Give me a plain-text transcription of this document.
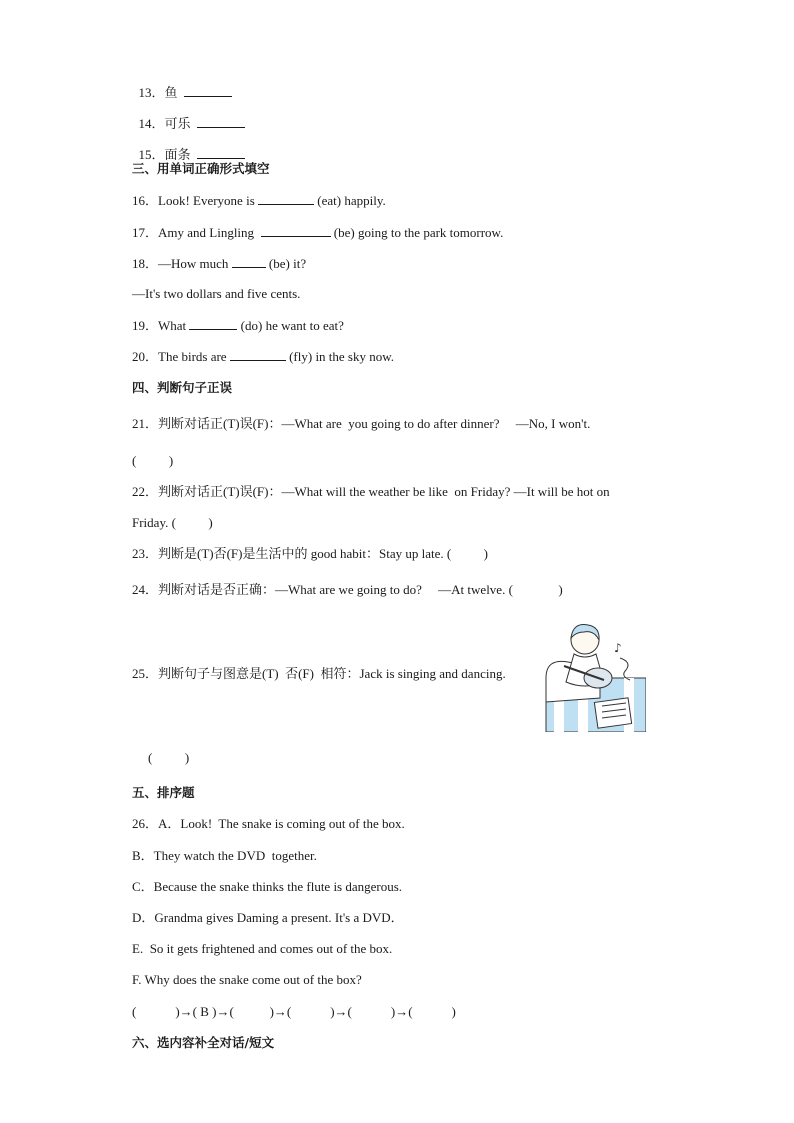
13．鱼

14．可乐

15．面条

三、用单词正确形式填空
16．Look! Everyone is	(eat) happily.
17．Amy and Lingling	(be) going to the park tomorrow.
18．—How much	(be) it?
—It's two dollars and five cents.
19．What	(do) he want to eat?
20．The birds are	(fly) in the sky now.
四、判断句子正误
21．判断对话正(T)误(F)：—What are  you going to do after dinner?     —No, I won't.
(          )
22．判断对话正(T)误(F)：—What will the weather be like  on Friday? —It will be hot on
Friday. (          )
23．判断是(T)否(F)是生活中的 good habit：Stay up late. (          )
24．判断对话是否正确：—What are we going to do?     —At twelve. (              )
25．判断句子与图意是(T)  否(F)  相符：Jack is singing and dancing.
♪
(          )
五、排序题
26．A．Look!  The snake is coming out of the box.
B．They watch the DVD  together.
C．Because the snake thinks the flute is dangerous.
D．Grandma gives Daming a present. It's a DVD．
E.  So it gets frightened and comes out of the box.
F. Why does the snake come out of the box?
(            )→( B )→(           )→(            )→(            )→(            )
六、选内容补全对话/短文
